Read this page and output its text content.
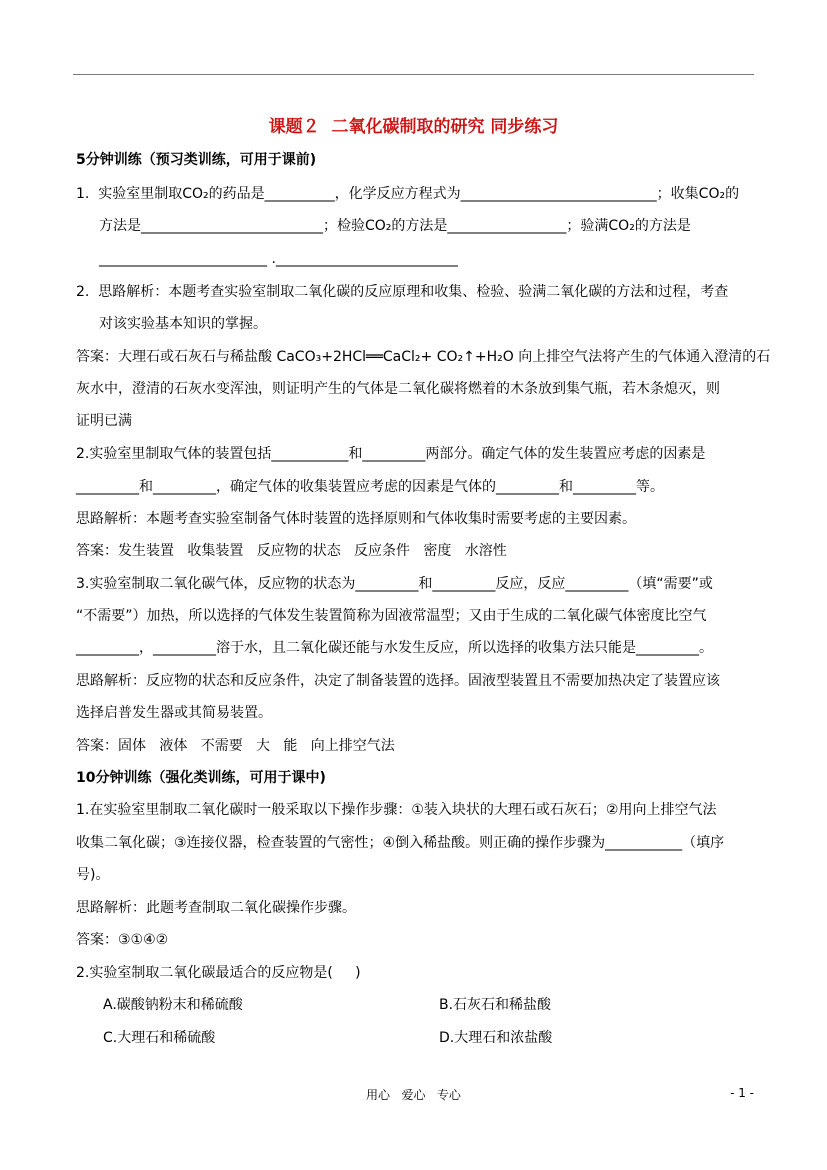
课题２  二氧化碳制取的研究 同步练习
5分钟训练（预习类训练，可用于课前)
1.  实验室里制取CO₂的药品是__________，化学反应方程式为____________________________；收集CO₂的
方法是__________________________；检验CO₂的方法是_________________；验满CO₂的方法是
________________________ .__________________________
2.  思路解析：本题考查实验室制取二氧化碳的反应原理和收集、检验、验满二氧化碳的方法和过程，考查
对该实验基本知识的掌握。
答案：大理石或石灰石与稀盐酸 CaCO₃+2HCl══CaCl₂+ CO₂↑+H₂O 向上排空气法将产生的气体通入澄清的石
灰水中，澄清的石灰水变浑浊，则证明产生的气体是二氧化碳将燃着的木条放到集气瓶，若木条熄灭，则
证明已满
2.实验室里制取气体的装置包括___________和_________两部分。确定气体的发生装置应考虑的因素是
_________和_________，确定气体的收集装置应考虑的因素是气体的_________和_________等。
思路解析：本题考查实验室制备气体时装置的选择原则和气体收集时需要考虑的主要因素。
答案：发生装置   收集装置   反应物的状态   反应条件   密度   水溶性
3.实验室制取二氧化碳气体，反应物的状态为_________和_________反应，反应_________（填“需要”或
“不需要”）加热，所以选择的气体发生装置简称为固液常温型；又由于生成的二氧化碳气体密度比空气
_________，_________溶于水，且二氧化碳还能与水发生反应，所以选择的收集方法只能是_________。
思路解析：反应物的状态和反应条件，决定了制备装置的选择。固液型装置且不需要加热决定了装置应该
选择启普发生器或其简易装置。
答案：固体   液体   不需要   大   能   向上排空气法
10分钟训练（强化类训练，可用于课中)
1.在实验室里制取二氧化碳时一般采取以下操作步骤：①装入块状的大理石或石灰石；②用向上排空气法
收集二氧化碳；③连接仪器，检查装置的气密性；④倒入稀盐酸。则正确的操作步骤为___________（填序
号)。
思路解析：此题考查制取二氧化碳操作步骤。
答案：③①④②
2.实验室制取二氧化碳最适合的反应物是(     )
A.碳酸钠粉末和稀硫酸	B.石灰石和稀盐酸
C.大理石和稀硫酸	D.大理石和浓盐酸
用心   爱心   专心	- 1 -
